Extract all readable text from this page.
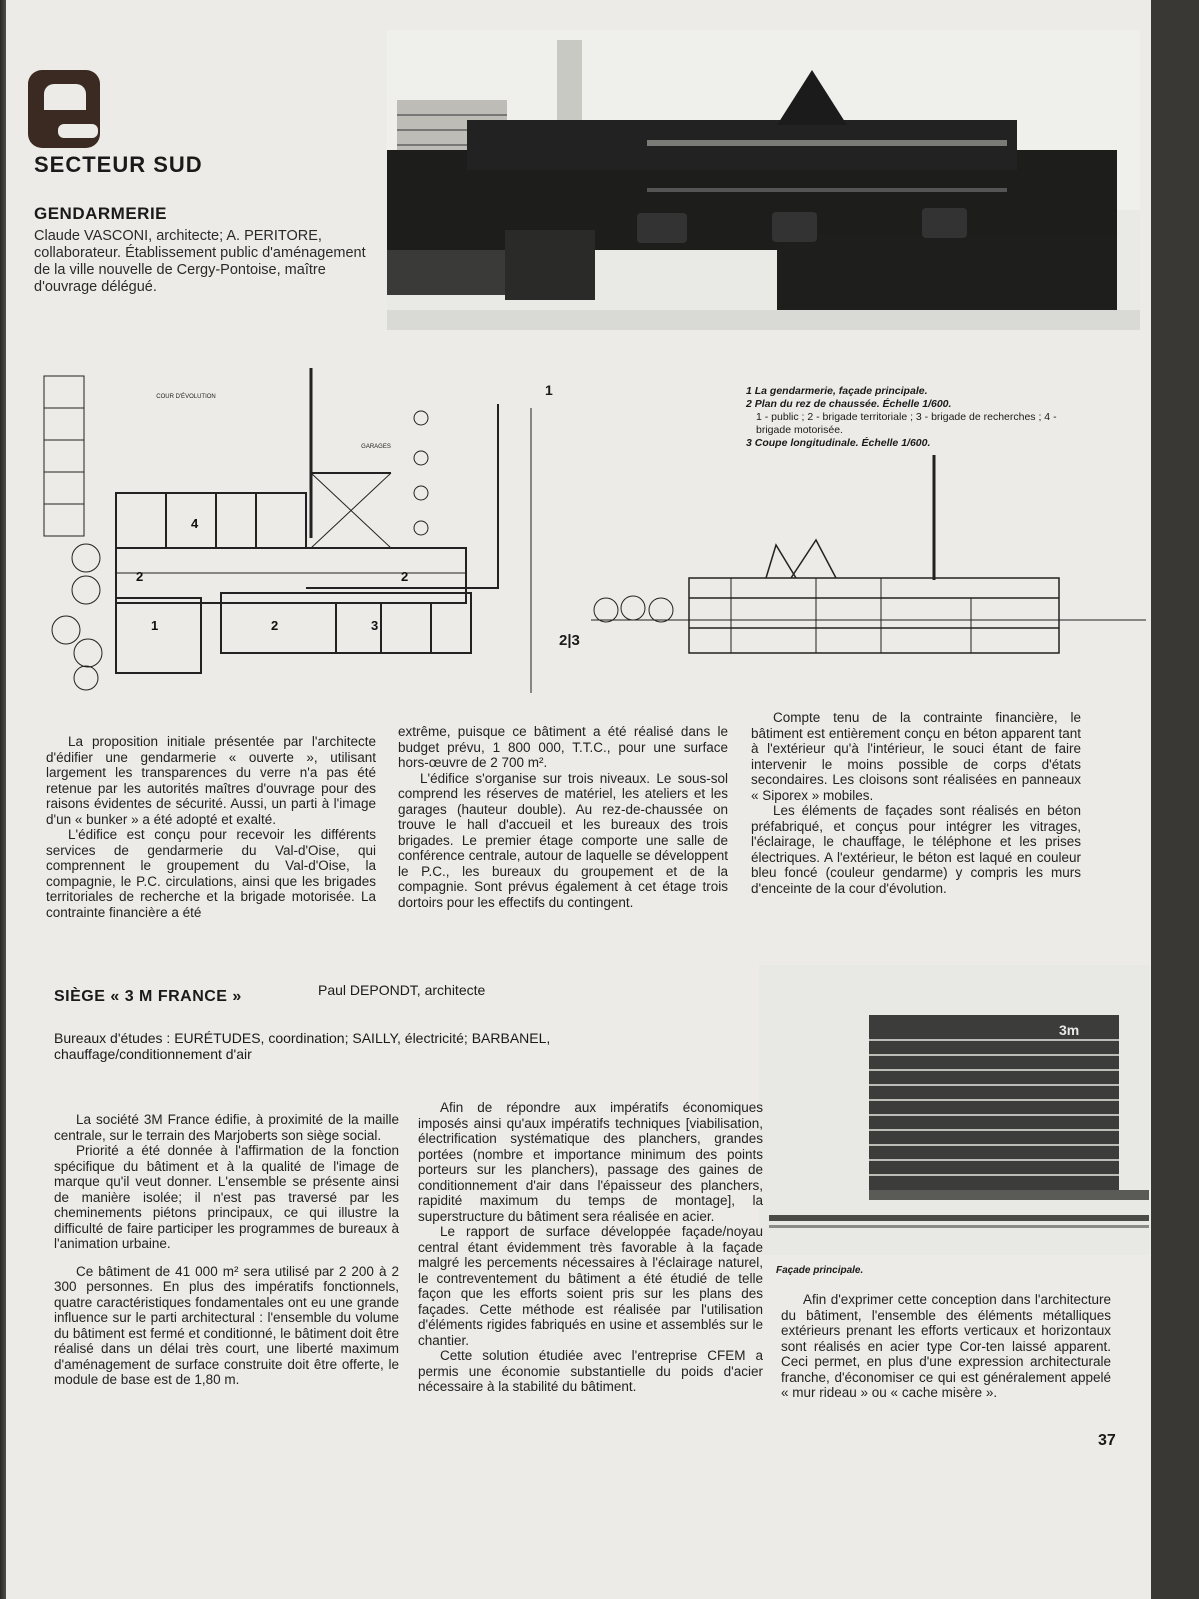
SECTEUR SUD
GENDARMERIE
Claude VASCONI, architecte; A. PERITORE, collaborateur. Établissement public d'aménagement de la ville nouvelle de Cergy-Pontoise, maître d'ouvrage délégué.
1	1 La gendarmerie, façade principale.
2 Plan du rez de chaussée. Échelle 1/600.
1 - public ; 2 - brigade territoriale ; 3 - brigade de recherches ; 4 - brigade motorisée.
3 Coupe longitudinale. Échelle 1/600.
COUR D'ÉVOLUTION
GARAGES
4
2
1	2	3
2
2|3

La proposition initiale présentée par l'architecte d'édifier une gendarmerie « ouverte », utilisant largement les transparences du verre n'a pas été retenue par les autorités maîtres d'ouvrage pour des raisons évidentes de sécurité. Aussi, un parti à l'image d'un « bunker » a été adopté et exalté.

L'édifice est conçu pour recevoir les différents services de gendarmerie du Val-d'Oise, qui comprennent le groupement du Val-d'Oise, la compagnie, le P.C. circulations, ainsi que les brigades territoriales de recherche et la brigade motorisée. La contrainte financière a été

extrême, puisque ce bâtiment a été réalisé dans le budget prévu, 1 800 000, T.T.C., pour une surface hors-œuvre de 2 700 m².

L'édifice s'organise sur trois niveaux. Le sous-sol comprend les réserves de matériel, les ateliers et les garages (hauteur double). Au rez-de-chaussée on trouve le hall d'accueil et les bureaux des trois brigades. Le premier étage comporte une salle de conférence centrale, autour de laquelle se développent le P.C., les bureaux du groupement et de la compagnie. Sont prévus également à cet étage trois dortoirs pour les effectifs du contingent.

Compte tenu de la contrainte financière, le bâtiment est entièrement conçu en béton apparent tant à l'extérieur qu'à l'intérieur, le souci étant de faire intervenir le moins possible de corps d'états secondaires. Les cloisons sont réalisées en panneaux « Siporex » mobiles.

Les éléments de façades sont réalisés en béton préfabriqué, et conçus pour intégrer les vitrages, l'éclairage, le chauffage, le téléphone et les prises électriques. A l'extérieur, le béton est laqué en couleur bleu foncé (couleur gendarme) y compris les murs d'enceinte de la cour d'évolution.

SIÈGE « 3 M FRANCE »	Paul DEPONDT, architecte
Bureaux d'études : EURÉTUDES, coordination; SAILLY, électricité; BARBANEL, chauffage/conditionnement d'air
3m
Façade principale.

La société 3M France édifie, à proximité de la maille centrale, sur le terrain des Marjoberts son siège social.

Priorité a été donnée à l'affirmation de la fonction spécifique du bâtiment et à la qualité de l'image de marque qu'il veut donner. L'ensemble se présente ainsi de manière isolée; il n'est pas traversé par les cheminements piétons principaux, ce qui illustre la difficulté de faire participer les programmes de bureaux à l'animation urbaine.

Ce bâtiment de 41 000 m² sera utilisé par 2 200 à 2 300 personnes. En plus des impératifs fonctionnels, quatre caractéristiques fondamentales ont eu une grande influence sur le parti architectural : l'ensemble du volume du bâtiment est fermé et conditionné, le bâtiment doit être réalisé dans un délai très court, une liberté maximum d'aménagement de surface construite doit être offerte, le module de base est de 1,80 m.

Afin de répondre aux impératifs économiques imposés ainsi qu'aux impératifs techniques [viabilisation, électrification systématique des planchers, grandes portées (nombre et importance minimum des points porteurs sur les planchers), passage des gaines de conditionnement d'air dans l'épaisseur des planchers, rapidité maximum du temps de montage], la superstructure du bâtiment sera réalisée en acier.

Le rapport de surface développée façade/noyau central étant évidemment très favorable à la façade malgré les percements nécessaires à l'éclairage naturel, le contreventement du bâtiment a été étudié de telle façon que les efforts soient pris sur les plans des façades. Cette méthode est réalisée par l'utilisation d'éléments rigides fabriqués en usine et assemblés sur le chantier.

Cette solution étudiée avec l'entreprise CFEM a permis une économie substantielle du poids d'acier nécessaire à la stabilité du bâtiment.

Afin d'exprimer cette conception dans l'architecture du bâtiment, l'ensemble des éléments métalliques extérieurs prenant les efforts verticaux et horizontaux sont réalisés en acier type Cor-ten laissé apparent. Ceci permet, en plus d'une expression architecturale franche, d'économiser ce qui est généralement appelé « mur rideau » ou « cache misère ».

37
